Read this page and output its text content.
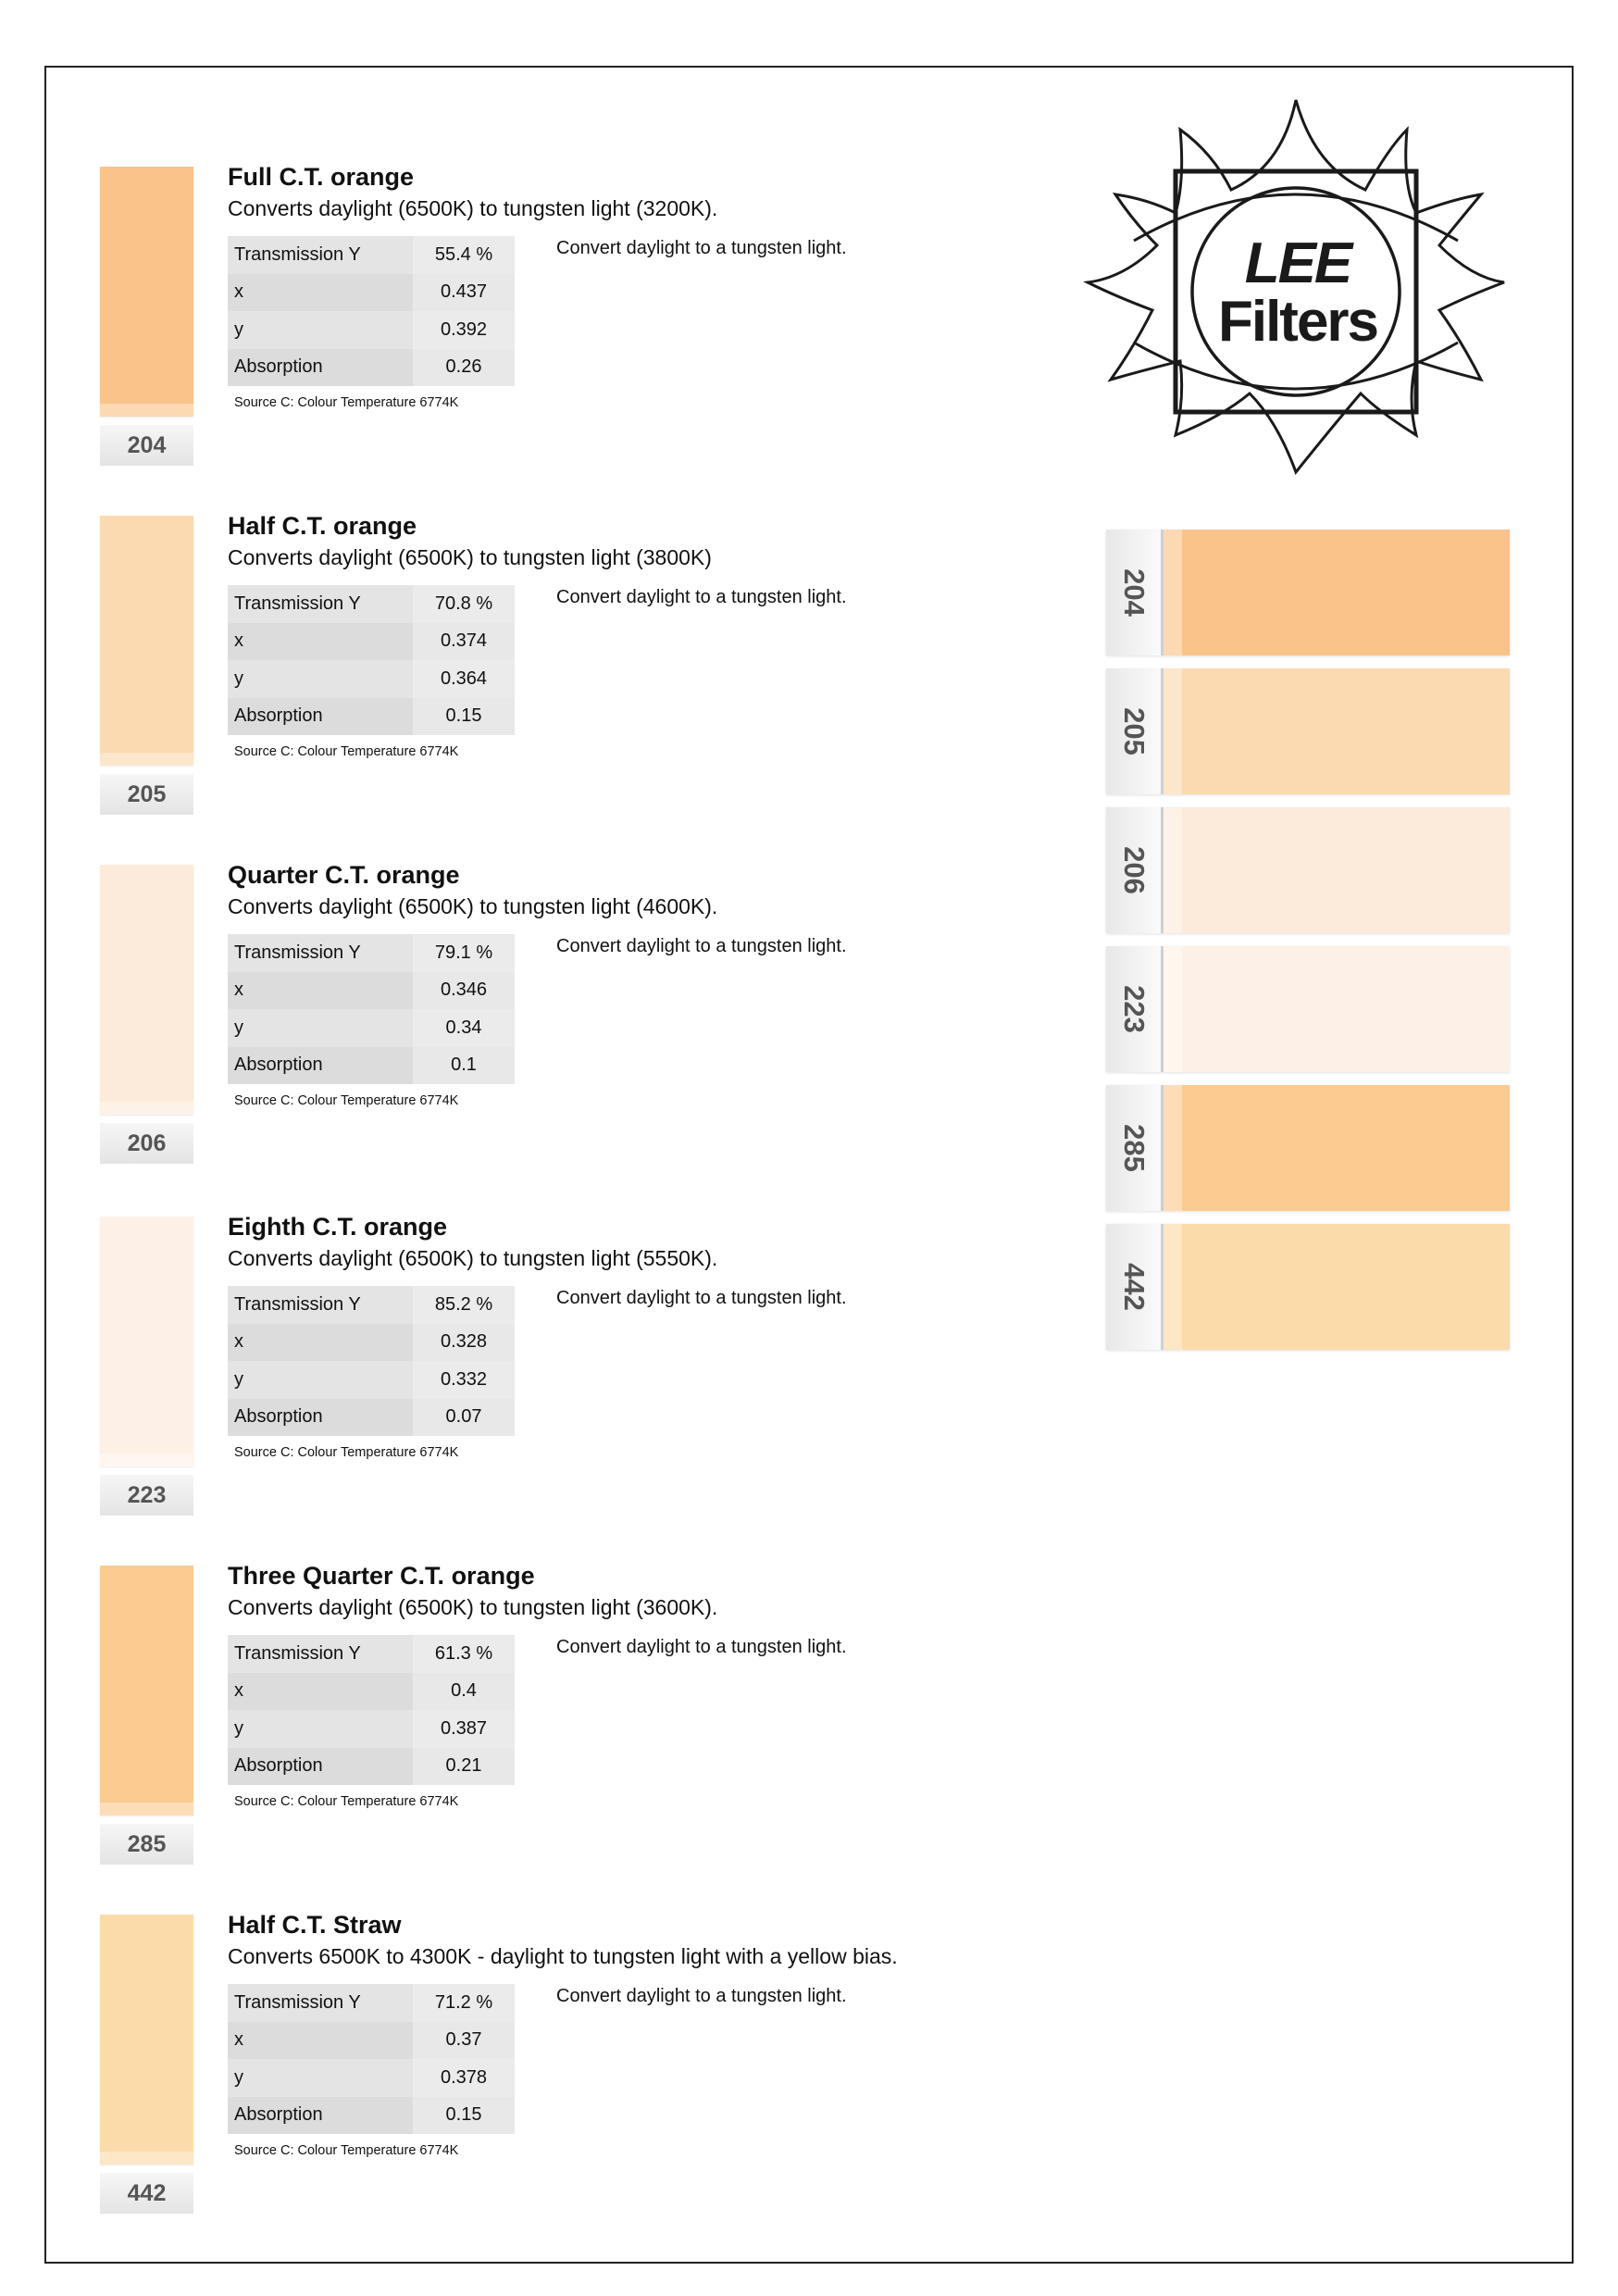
204
Full C.T. orange
Converts daylight (6500K) to tungsten light (3200K).
Transmission Y	55.4 %
x	0.437
y	0.392
Absorption	0.26
Convert daylight to a tungsten light.
Source C: Colour Temperature 6774K
205
Half C.T. orange
Converts daylight (6500K) to tungsten light (3800K)
Transmission Y	70.8 %
x	0.374
y	0.364
Absorption	0.15
Convert daylight to a tungsten light.
Source C: Colour Temperature 6774K
206
Quarter C.T. orange
Converts daylight (6500K) to tungsten light (4600K).
Transmission Y	79.1 %
x	0.346
y	0.34
Absorption	0.1
Convert daylight to a tungsten light.
Source C: Colour Temperature 6774K
223
Eighth C.T. orange
Converts daylight (6500K) to tungsten light (5550K).
Transmission Y	85.2 %
x	0.328
y	0.332
Absorption	0.07
Convert daylight to a tungsten light.
Source C: Colour Temperature 6774K
285
Three Quarter C.T. orange
Converts daylight (6500K) to tungsten light (3600K).
Transmission Y	61.3 %
x	0.4
y	0.387
Absorption	0.21
Convert daylight to a tungsten light.
Source C: Colour Temperature 6774K
442
Half C.T. Straw
Converts 6500K to 4300K - daylight to tungsten light with a yellow bias.
Transmission Y	71.2 %
x	0.37
y	0.378
Absorption	0.15
Convert daylight to a tungsten light.
Source C: Colour Temperature 6774K
LEE
Filters
204
205
206
223
285
442
